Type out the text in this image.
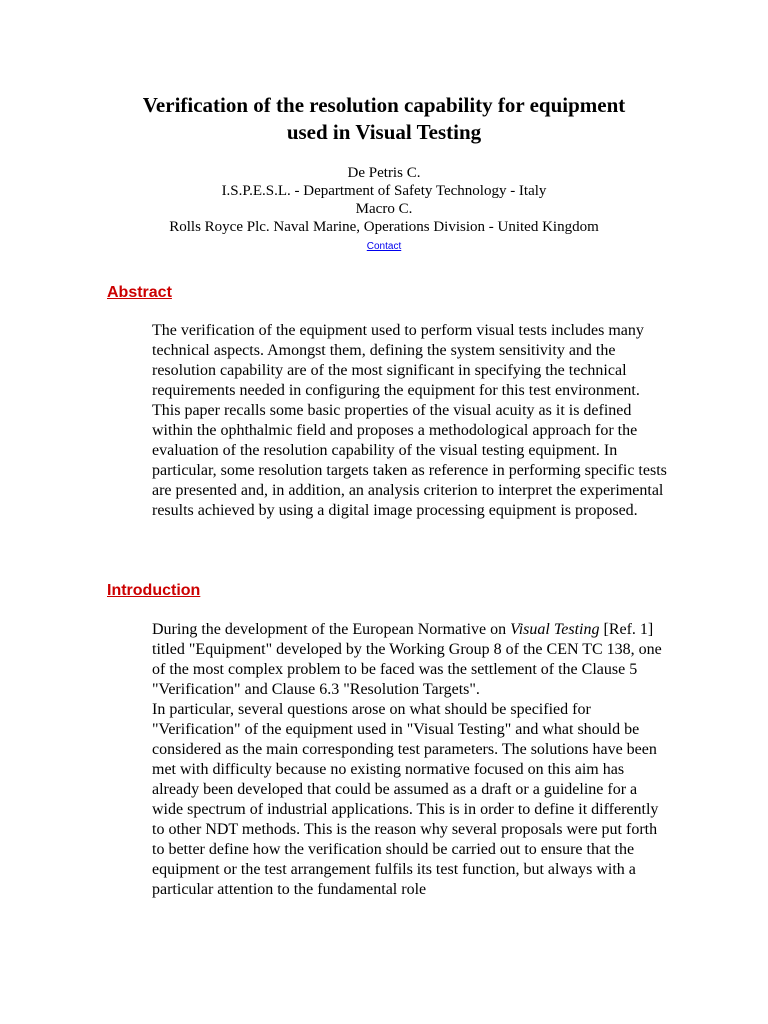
Verification of the resolution capability for equipment
used in Visual Testing
De Petris C.
I.S.P.E.S.L. - Department of Safety Technology - Italy
Macro C.
Rolls Royce Plc. Naval Marine, Operations Division - United Kingdom
Contact
Abstract

The verification of the equipment used to perform visual tests includes many technical aspects. Amongst them, defining the system sensitivity and the resolution capability are of the most significant in specifying the technical requirements needed in configuring the equipment for this test environment.

This paper recalls some basic properties of the visual acuity as it is defined within the ophthalmic field and proposes a methodological approach for the evaluation of the resolution capability of the visual testing equipment. In particular, some resolution targets taken as reference in performing specific tests are presented and, in addition, an analysis criterion to interpret the experimental results achieved by using a digital image processing equipment is proposed.

Introduction

During the development of the European Normative on Visual Testing [Ref. 1] titled "Equipment" developed by the Working Group 8 of the CEN TC 138, one of the most complex problem to be faced was the settlement of the Clause 5 "Verification" and Clause 6.3 "Resolution Targets".

In particular, several questions arose on what should be specified for "Verification" of the equipment used in "Visual Testing" and what should be considered as the main corresponding test parameters. The solutions have been met with difficulty because no existing normative focused on this aim has already been developed that could be assumed as a draft or a guideline for a wide spectrum of industrial applications. This is in order to define it differently to other NDT methods. This is the reason why several proposals were put forth to better define how the verification should be carried out to ensure that the equipment or the test arrangement fulfils its test function, but always with a particular attention to the fundamental role
